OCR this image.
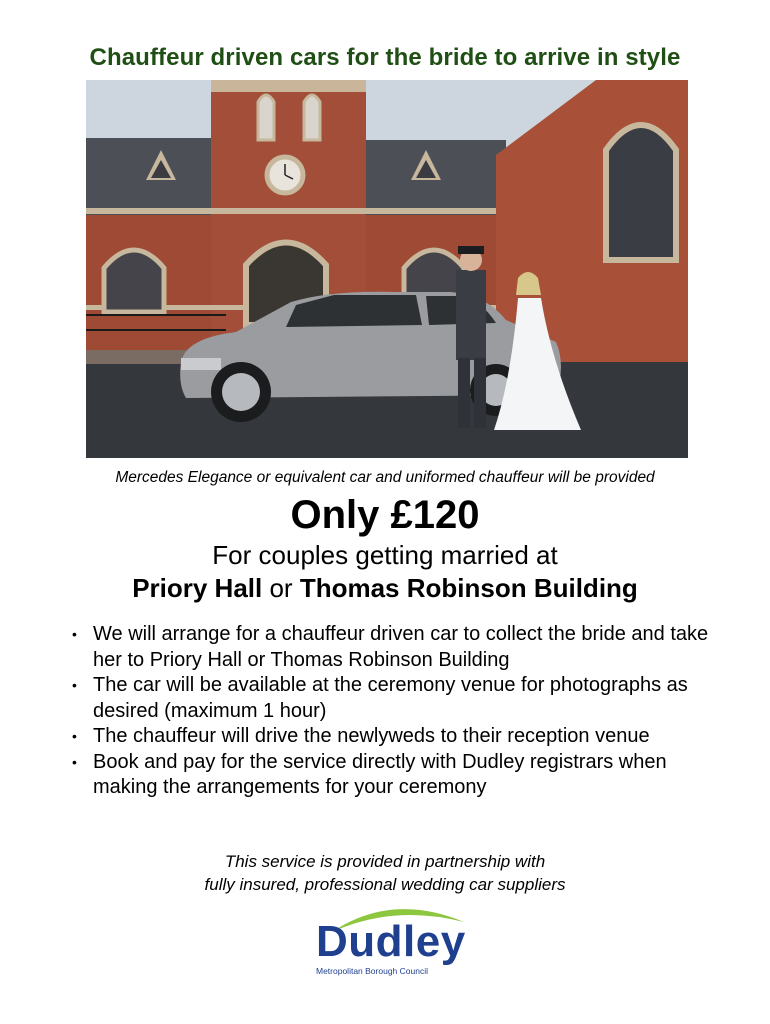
Chauffeur driven cars for the bride to arrive in style
Mercedes Elegance or equivalent car and uniformed chauffeur will be provided
Only £120
For couples getting married at
Priory Hall or Thomas Robinson Building
• We will arrange for a chauffeur driven car to collect the bride and take her to Priory Hall or Thomas Robinson Building
• The car will be available at the ceremony venue for photographs as desired (maximum 1 hour)
• The chauffeur will drive the newlyweds to their reception venue
• Book and pay for the service directly with Dudley registrars when making the arrangements for your ceremony
This service is provided in partnership with
fully insured, professional wedding car suppliers
Dudley
Metropolitan Borough Council
